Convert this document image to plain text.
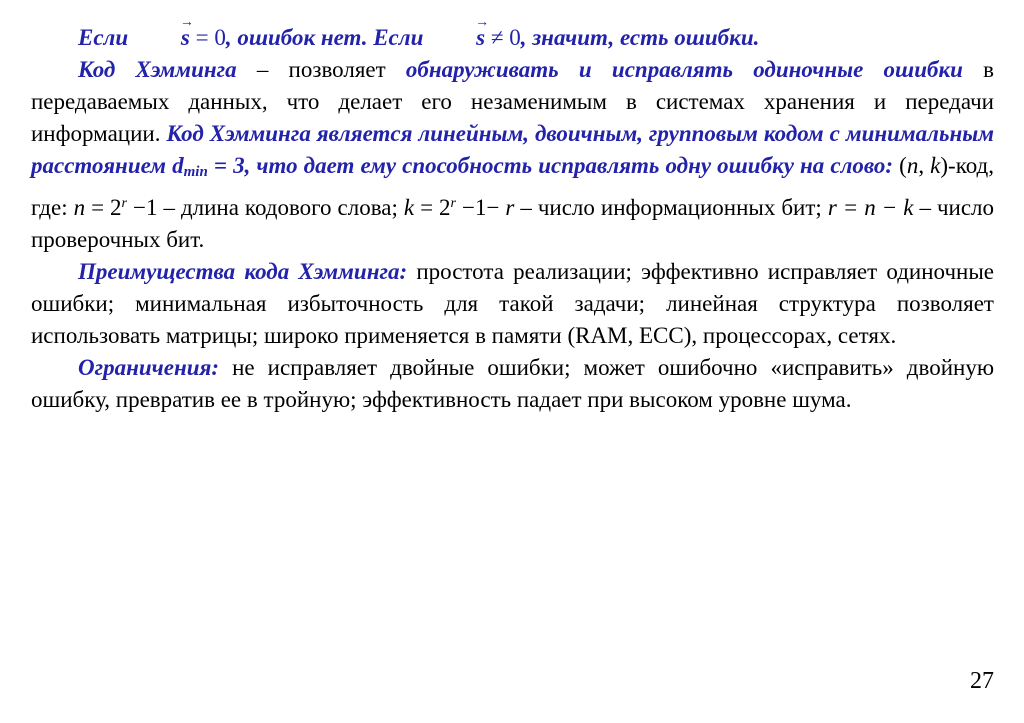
Если → s = 0, ошибок нет. Если → s ≠ 0, значит, есть ошибки.

Код Хэмминга – позволяет обнаруживать и исправлять одиночные ошибки в передаваемых данных, что делает его незаменимым в системах хранения и передачи информации. Код Хэмминга является линейным, двоичным, групповым кодом с минимальным расстоянием $d_{min} = 3$, что дает ему способность исправлять одну ошибку на слово: (n, k)-код, где: $n = 2^r -1$ – длина кодового слова; $k = 2^r -1- r$ – число информационных бит; r = n − k – число проверочных бит.

Преимущества кода Хэмминга: простота реализации; эффективно исправляет одиночные ошибки; минимальная избыточность для такой задачи; линейная структура позволяет использовать матрицы; широко применяется в памяти (RAM, ECC), процессорах, сетях.

Ограничения: не исправляет двойные ошибки; может ошибочно «исправить» двойную ошибку, превратив ее в тройную; эффективность падает при высоком уровне шума.

27
